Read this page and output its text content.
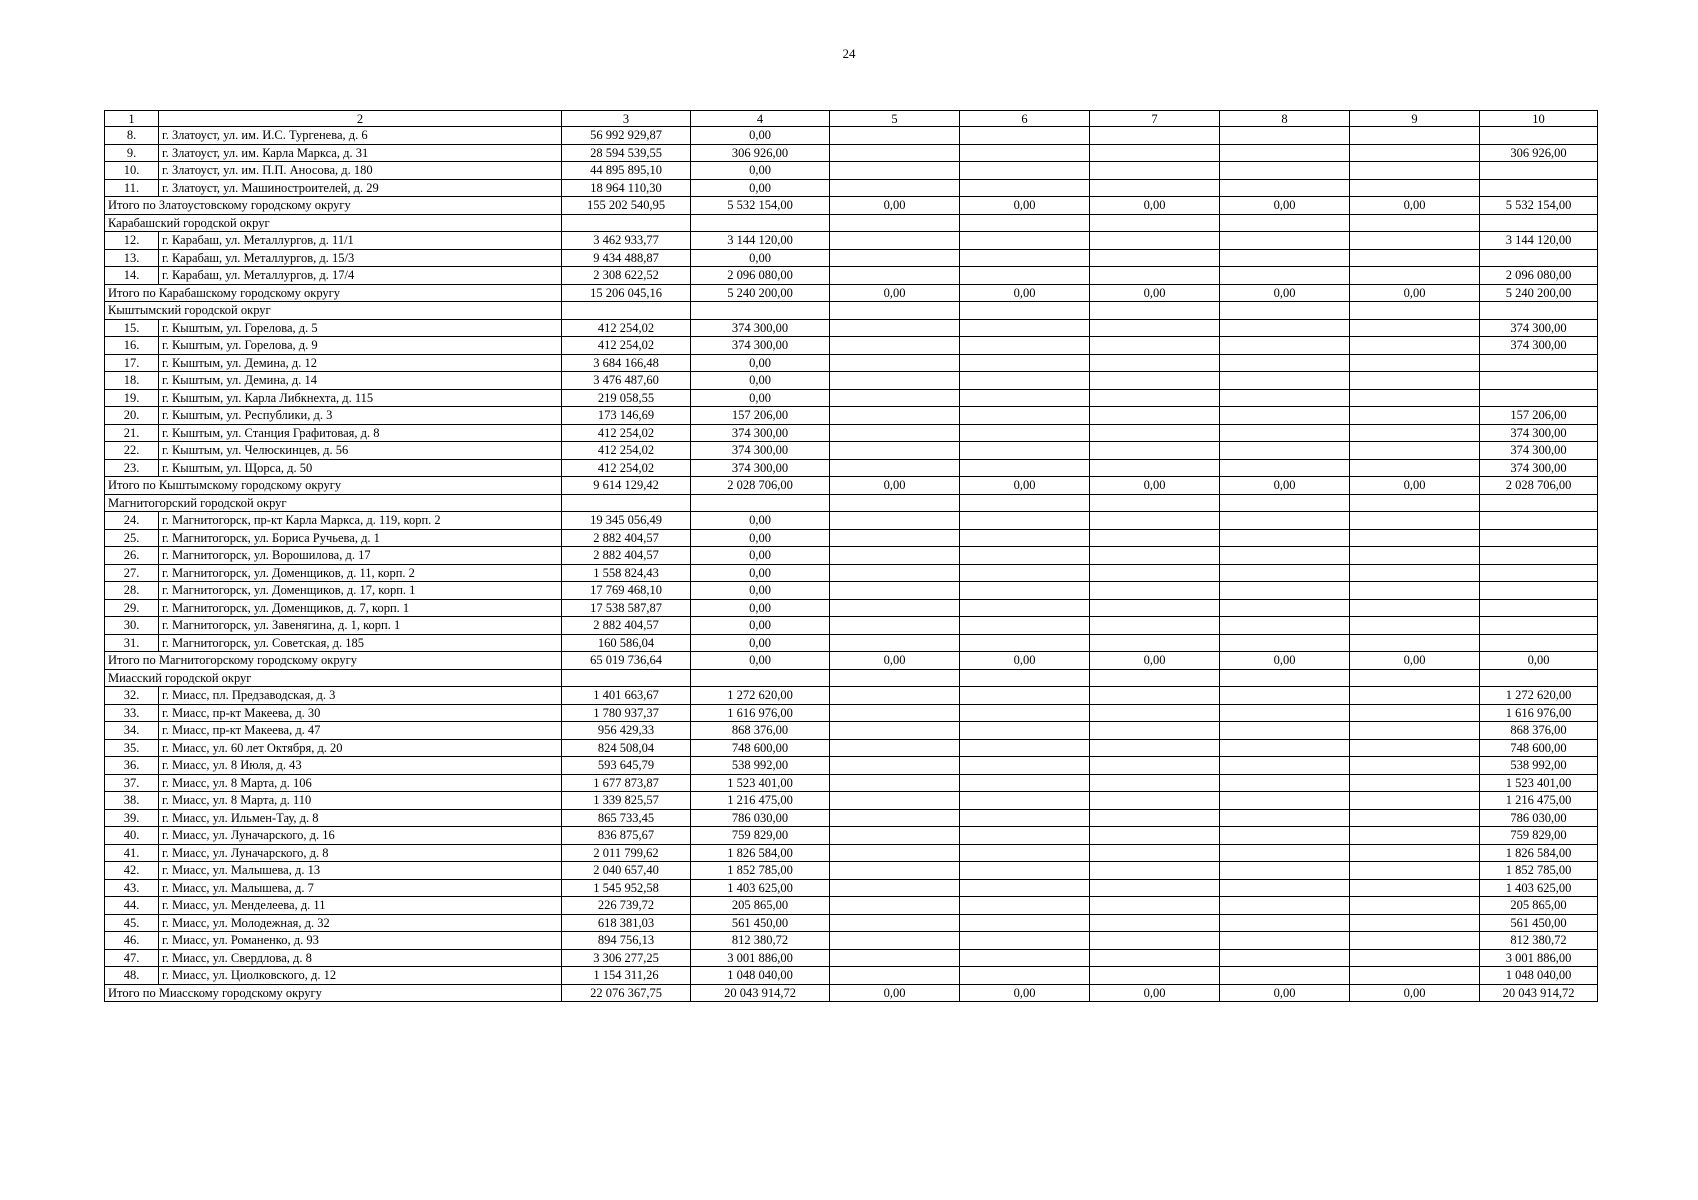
24
1	2	3	4	5	6	7	8	9	10
8.	г. Златоуст, ул. им. И.С. Тургенева, д. 6	56 992 929,87	0,00						
9.	г. Златоуст, ул. им. Карла Маркса, д. 31	28 594 539,55	306 926,00						306 926,00
10.	г. Златоуст, ул. им. П.П. Аносова, д. 180	44 895 895,10	0,00						
11.	г. Златоуст, ул. Машиностроителей, д. 29	18 964 110,30	0,00						
Итого по Златоустовскому городскому округу		155 202 540,95	5 532 154,00	0,00	0,00	0,00	0,00	0,00	5 532 154,00
Карабашский городской округ									
12.	г. Карабаш, ул. Металлургов, д. 11/1	3 462 933,77	3 144 120,00						3 144 120,00
13.	г. Карабаш, ул. Металлургов, д. 15/3	9 434 488,87	0,00						
14.	г. Карабаш, ул. Металлургов, д. 17/4	2 308 622,52	2 096 080,00						2 096 080,00
Итого по Карабашскому городскому округу		15 206 045,16	5 240 200,00	0,00	0,00	0,00	0,00	0,00	5 240 200,00
Кыштымский городской округ									
15.	г. Кыштым, ул. Горелова, д. 5	412 254,02	374 300,00						374 300,00
16.	г. Кыштым, ул. Горелова, д. 9	412 254,02	374 300,00						374 300,00
17.	г. Кыштым, ул. Демина, д. 12	3 684 166,48	0,00						
18.	г. Кыштым, ул. Демина, д. 14	3 476 487,60	0,00						
19.	г. Кыштым, ул. Карла Либкнехта, д. 115	219 058,55	0,00						
20.	г. Кыштым, ул. Республики, д. 3	173 146,69	157 206,00						157 206,00
21.	г. Кыштым, ул. Станция Графитовая, д. 8	412 254,02	374 300,00						374 300,00
22.	г. Кыштым, ул. Челюскинцев, д. 56	412 254,02	374 300,00						374 300,00
23.	г. Кыштым, ул. Щорса, д. 50	412 254,02	374 300,00						374 300,00
Итого по Кыштымскому городскому округу		9 614 129,42	2 028 706,00	0,00	0,00	0,00	0,00	0,00	2 028 706,00
Магнитогорский городской округ									
24.	г. Магнитогорск, пр-кт Карла Маркса, д. 119, корп. 2	19 345 056,49	0,00						
25.	г. Магнитогорск, ул. Бориса Ручьева, д. 1	2 882 404,57	0,00						
26.	г. Магнитогорск, ул. Ворошилова, д. 17	2 882 404,57	0,00						
27.	г. Магнитогорск, ул. Доменщиков, д. 11, корп. 2	1 558 824,43	0,00						
28.	г. Магнитогорск, ул. Доменщиков, д. 17, корп. 1	17 769 468,10	0,00						
29.	г. Магнитогорск, ул. Доменщиков, д. 7, корп. 1	17 538 587,87	0,00						
30.	г. Магнитогорск, ул. Завенягина, д. 1, корп. 1	2 882 404,57	0,00						
31.	г. Магнитогорск, ул. Советская, д. 185	160 586,04	0,00						
Итого по Магнитогорскому городскому округу		65 019 736,64	0,00	0,00	0,00	0,00	0,00	0,00	0,00
Миасский городской округ									
32.	г. Миасс, пл. Предзаводская, д. 3	1 401 663,67	1 272 620,00						1 272 620,00
33.	г. Миасс, пр-кт Макеева, д. 30	1 780 937,37	1 616 976,00						1 616 976,00
34.	г. Миасс, пр-кт Макеева, д. 47	956 429,33	868 376,00						868 376,00
35.	г. Миасс, ул. 60 лет Октября, д. 20	824 508,04	748 600,00						748 600,00
36.	г. Миасс, ул. 8 Июля, д. 43	593 645,79	538 992,00						538 992,00
37.	г. Миасс, ул. 8 Марта, д. 106	1 677 873,87	1 523 401,00						1 523 401,00
38.	г. Миасс, ул. 8 Марта, д. 110	1 339 825,57	1 216 475,00						1 216 475,00
39.	г. Миасс, ул. Ильмен-Тау, д. 8	865 733,45	786 030,00						786 030,00
40.	г. Миасс, ул. Луначарского, д. 16	836 875,67	759 829,00						759 829,00
41.	г. Миасс, ул. Луначарского, д. 8	2 011 799,62	1 826 584,00						1 826 584,00
42.	г. Миасс, ул. Малышева, д. 13	2 040 657,40	1 852 785,00						1 852 785,00
43.	г. Миасс, ул. Малышева, д. 7	1 545 952,58	1 403 625,00						1 403 625,00
44.	г. Миасс, ул. Менделеева, д. 11	226 739,72	205 865,00						205 865,00
45.	г. Миасс, ул. Молодежная, д. 32	618 381,03	561 450,00						561 450,00
46.	г. Миасс, ул. Романенко, д. 93	894 756,13	812 380,72						812 380,72
47.	г. Миасс, ул. Свердлова, д. 8	3 306 277,25	3 001 886,00						3 001 886,00
48.	г. Миасс, ул. Циолковского, д. 12	1 154 311,26	1 048 040,00						1 048 040,00
Итого по Миасскому городскому округу		22 076 367,75	20 043 914,72	0,00	0,00	0,00	0,00	0,00	20 043 914,72
